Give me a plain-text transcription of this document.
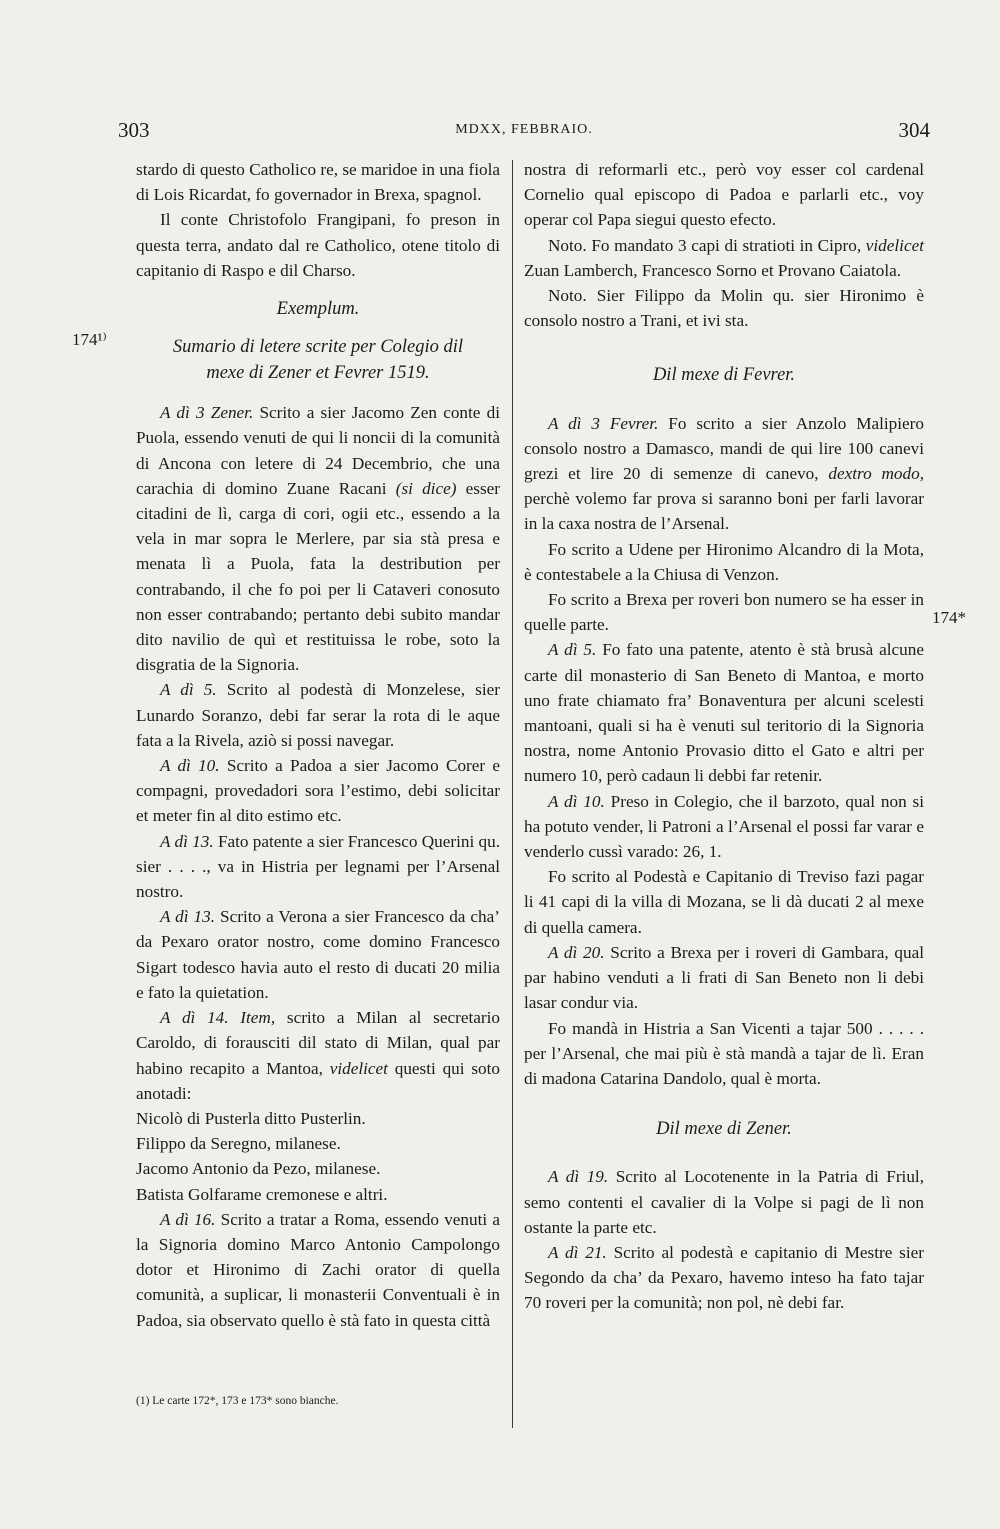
303	MDXX, FEBBRAIO.	304
174¹⁾
174*

stardo di questo Catholico re, se maridoe in una fiola di Lois Ricardat, fo governador in Brexa, spagnol.

Il conte Christofolo Frangipani, fo preson in questa terra, andato dal re Catholico, otene titolo di capitanio di Raspo e dil Charso.

Exemplum.

Sumario di letere scrite per Colegio dil mexe di Zener et Fevrer 1519.

A dì 3 Zener. Scrito a sier Jacomo Zen conte di Puola, essendo venuti de qui li noncii di la comunità di Ancona con letere di 24 Decembrio, che una carachia di domino Zuane Racani (si dice) esser citadini de lì, carga di cori, ogii etc., essendo a la vela in mar sopra le Merlere, par sia stà presa e menata lì a Puola, fata la destribution per contrabando, il che fo poi per li Cataveri conosuto non esser contrabando; pertanto debi subito mandar dito navilio de quì et restituissa le robe, soto la disgratia de la Signoria.

A dì 5. Scrito al podestà di Monzelese, sier Lunardo Soranzo, debi far serar la rota di le aque fata a la Rivela, aziò si possi navegar.

A dì 10. Scrito a Padoa a sier Jacomo Corer e compagni, provedadori sora l’estimo, debi solicitar et meter fin al dito estimo etc.

A dì 13. Fato patente a sier Francesco Querini qu. sier . . . ., va in Histria per legnami per l’Arsenal nostro.

A dì 13. Scrito a Verona a sier Francesco da cha’ da Pexaro orator nostro, come domino Francesco Sigart todesco havia auto el resto di ducati 20 milia e fato la quietation.

A dì 14. Item, scrito a Milan al secretario Caroldo, di forausciti dil stato di Milan, qual par habino recapito a Mantoa, videlicet questi qui soto anotadi:

Nicolò di Pusterla ditto Pusterlin.

Filippo da Seregno, milanese.

Jacomo Antonio da Pezo, milanese.

Batista Golfarame cremonese e altri.

A dì 16. Scrito a tratar a Roma, essendo venuti a la Signoria domino Marco Antonio Campolongo dotor et Hironimo di Zachi orator di quella comunità, a suplicar, li monasterii Conventuali è in Padoa, sia observato quello è stà fato in questa città

(1) Le carte 172*, 173 e 173* sono bianche.

nostra di reformarli etc., però voy esser col cardenal Cornelio qual episcopo di Padoa e parlarli etc., voy operar col Papa siegui questo efecto.

Noto. Fo mandato 3 capi di stratioti in Cipro, videlicet Zuan Lamberch, Francesco Sorno et Provano Caiatola.

Noto. Sier Filippo da Molin qu. sier Hironimo è consolo nostro a Trani, et ivi sta.

Dil mexe di Fevrer.

A dì 3 Fevrer. Fo scrito a sier Anzolo Malipiero consolo nostro a Damasco, mandi de qui lire 100 canevi grezi et lire 20 di semenze di canevo, dextro modo, perchè volemo far prova si saranno boni per farli lavorar in la caxa nostra de l’Arsenal.

Fo scrito a Udene per Hironimo Alcandro di la Mota, è contestabele a la Chiusa di Venzon.

Fo scrito a Brexa per roveri bon numero se ha esser in quelle parte.

A dì 5. Fo fato una patente, atento è stà brusà alcune carte dil monasterio di San Beneto di Mantoa, e morto uno frate chiamato fra’ Bonaventura per alcuni scelesti mantoani, quali si ha è venuti sul teritorio di la Signoria nostra, nome Antonio Provasio ditto el Gato e altri per numero 10, però cadaun li debbi far retenir.

A dì 10. Preso in Colegio, che il barzoto, qual non si ha potuto vender, li Patroni a l’Arsenal el possi far varar e venderlo cussì varado: 26, 1.

Fo scrito al Podestà e Capitanio di Treviso fazi pagar li 41 capi di la villa di Mozana, se li dà ducati 2 al mexe di quella camera.

A dì 20. Scrito a Brexa per i roveri di Gambara, qual par habino venduti a li frati di San Beneto non li debi lasar condur via.

Fo mandà in Histria a San Vicenti a tajar 500 . . . . . per l’Arsenal, che mai più è stà mandà a tajar de lì. Eran di madona Catarina Dandolo, qual è morta.

Dil mexe di Zener.

A dì 19. Scrito al Locotenente in la Patria di Friul, semo contenti el cavalier di la Volpe si pagi de lì non ostante la parte etc.

A dì 21. Scrito al podestà e capitanio di Mestre sier Segondo da cha’ da Pexaro, havemo inteso ha fato tajar 70 roveri per la comunità; non pol, nè debi far.
